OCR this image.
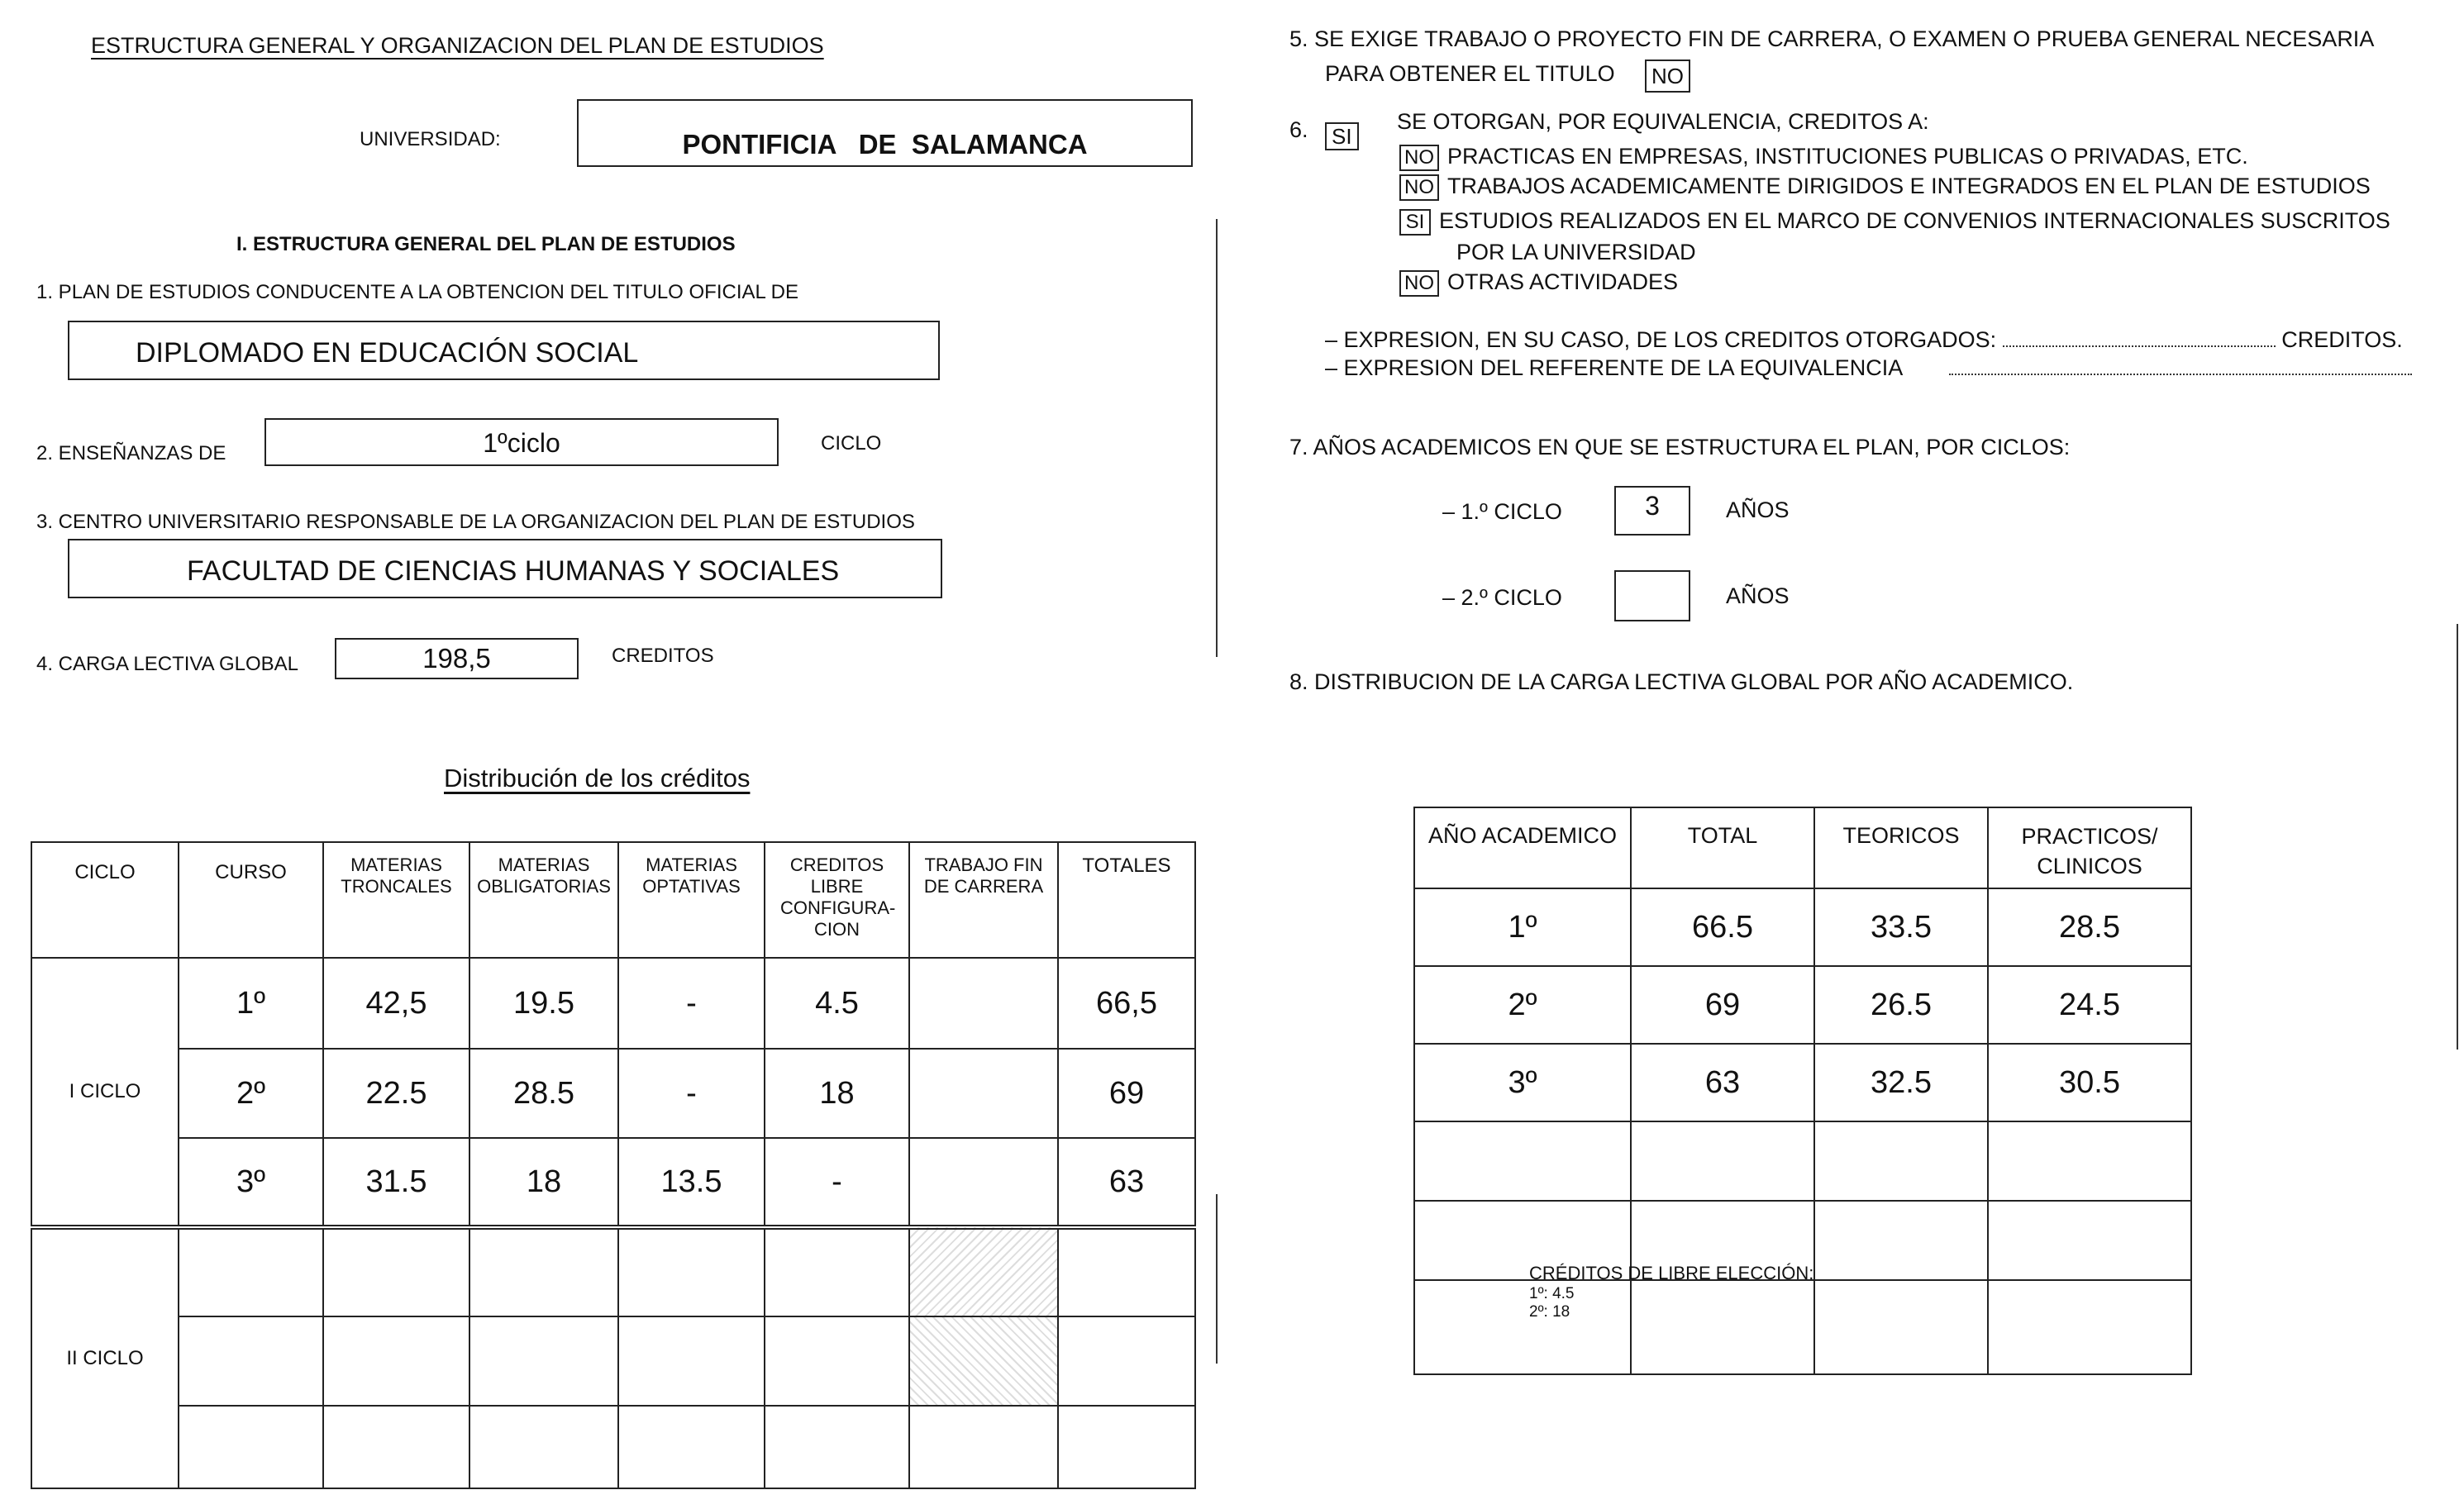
ESTRUCTURA GENERAL Y ORGANIZACION DEL PLAN DE ESTUDIOS
UNIVERSIDAD:	PONTIFICIA   DE  SALAMANCA
I. ESTRUCTURA GENERAL DEL PLAN DE ESTUDIOS
1. PLAN DE ESTUDIOS CONDUCENTE A LA OBTENCION DEL TITULO OFICIAL DE
DIPLOMADO EN EDUCACIÓN SOCIAL
2. ENSEÑANZAS DE	1ºciclo	CICLO
3. CENTRO UNIVERSITARIO RESPONSABLE DE LA ORGANIZACION DEL PLAN DE ESTUDIOS
FACULTAD DE CIENCIAS HUMANAS Y SOCIALES
4. CARGA LECTIVA GLOBAL	198,5	CREDITOS
Distribución de los créditos
CICLO	CURSO	MATERIAS TRONCALES	MATERIAS OBLIGATORIAS	MATERIAS OPTATIVAS	CREDITOS LIBRE CONFIGURA-CION	TRABAJO FIN DE CARRERA	TOTALES
I CICLO	1º	42,5	19.5	-	4.5		66,5
	2º	22.5	28.5	-	18		69
	3º	31.5	18	13.5	-		63
II CICLO							

5. SE EXIGE TRABAJO O PROYECTO FIN DE CARRERA, O EXAMEN O PRUEBA GENERAL NECESARIA
PARA OBTENER EL TITULO	NO
6.	SI
SE OTORGAN, POR EQUIVALENCIA, CREDITOS A:
NO PRACTICAS EN EMPRESAS, INSTITUCIONES PUBLICAS O PRIVADAS, ETC.
NO TRABAJOS ACADEMICAMENTE DIRIGIDOS E INTEGRADOS EN EL PLAN DE ESTUDIOS
SI ESTUDIOS REALIZADOS EN EL MARCO DE CONVENIOS INTERNACIONALES SUSCRITOS
POR LA UNIVERSIDAD
NO OTRAS ACTIVIDADES
– EXPRESION, EN SU CASO, DE LOS CREDITOS OTORGADOS:	CREDITOS.
– EXPRESION DEL REFERENTE DE LA EQUIVALENCIA
7. AÑOS ACADEMICOS EN QUE SE ESTRUCTURA EL PLAN, POR CICLOS:
– 1.º CICLO	3	AÑOS
– 2.º CICLO	AÑOS
8. DISTRIBUCION DE LA CARGA LECTIVA GLOBAL POR AÑO ACADEMICO.
AÑO ACADEMICO	TOTAL	TEORICOS	PRACTICOS/ CLINICOS
1º	66.5	33.5	28.5
2º	69	26.5	24.5
3º	63	32.5	30.5

CRÉDITOS DE LIBRE ELECCIÓN:
1º: 4.5
2º: 18
